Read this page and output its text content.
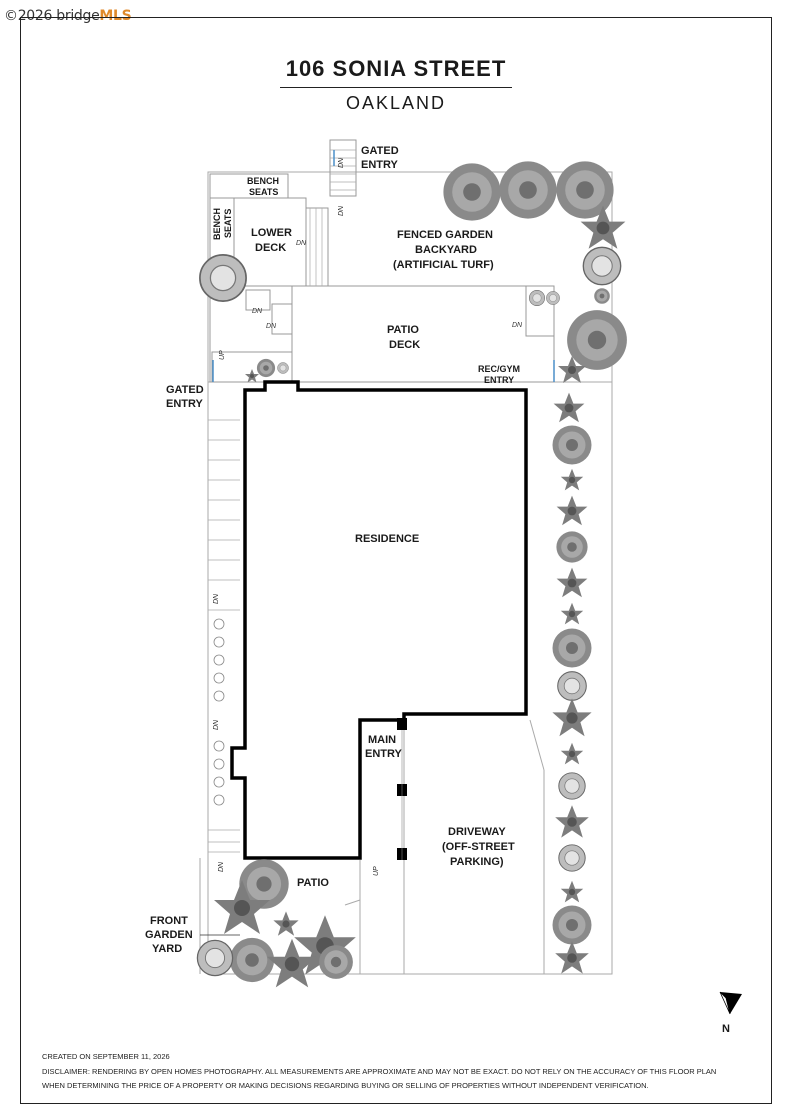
©2026 bridgeMLS
106 SONIA STREET
OAKLAND
N
GATED
ENTRY
BENCH
SEATS
BENCH SEATS LOWER
DECK
FENCED GARDEN
BACKYARD
(ARTIFICIAL TURF)
PATIO
DECK
REC/GYM
ENTRY
GATED
ENTRY
RESIDENCE
MAIN
ENTRY
DRIVEWAY
(OFF-STREET
PARKING)
PATIO
FRONT
GARDEN
YARD
DN
DN
DN
DN
DN	DN
UP
DN
DN
DN	UP
CREATED ON SEPTEMBER 11, 2026
DISCLAIMER: RENDERING BY OPEN HOMES PHOTOGRAPHY. ALL MEASUREMENTS ARE APPROXIMATE AND MAY NOT BE EXACT. DO NOT RELY ON THE ACCURACY OF THIS FLOOR PLAN
WHEN DETERMINING THE PRICE OF A PROPERTY OR MAKING DECISIONS REGARDING BUYING OR SELLING OF PROPERTIES WITHOUT INDEPENDENT VERIFICATION.
